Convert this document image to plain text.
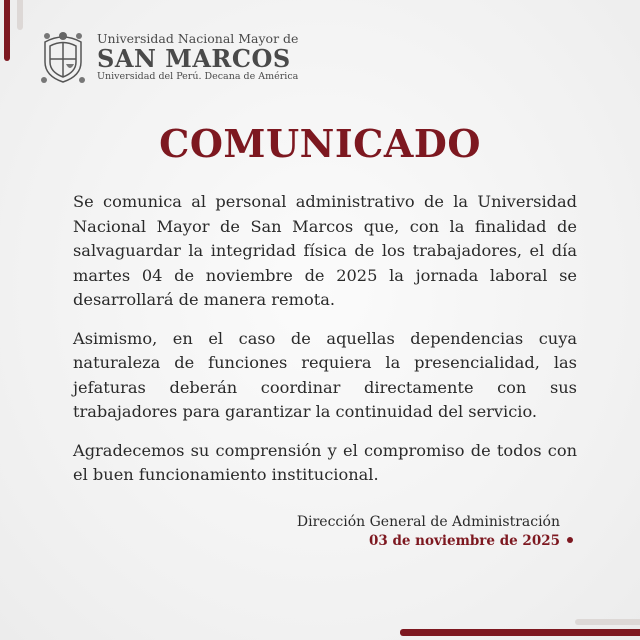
Universidad Nacional Mayor de
SAN MARCOS
Universidad del Perú. Decana de América
COMUNICADO

Se comunica al personal administrativo de la Universidad Nacional Mayor de San Marcos que, con la finalidad de salvaguardar la integridad física de los trabajadores, el día martes 04 de noviembre de 2025 la jornada laboral se desarrollará de manera remota.

Asimismo, en el caso de aquellas dependencias cuya naturaleza de funciones requiera la presencialidad, las jefaturas deberán coordinar directamente con sus trabajadores para garantizar la continuidad del servicio.

Agradecemos su comprensión y el compromiso de todos con el buen funcionamiento institucional.

Dirección General de Administración
03 de noviembre de 2025
